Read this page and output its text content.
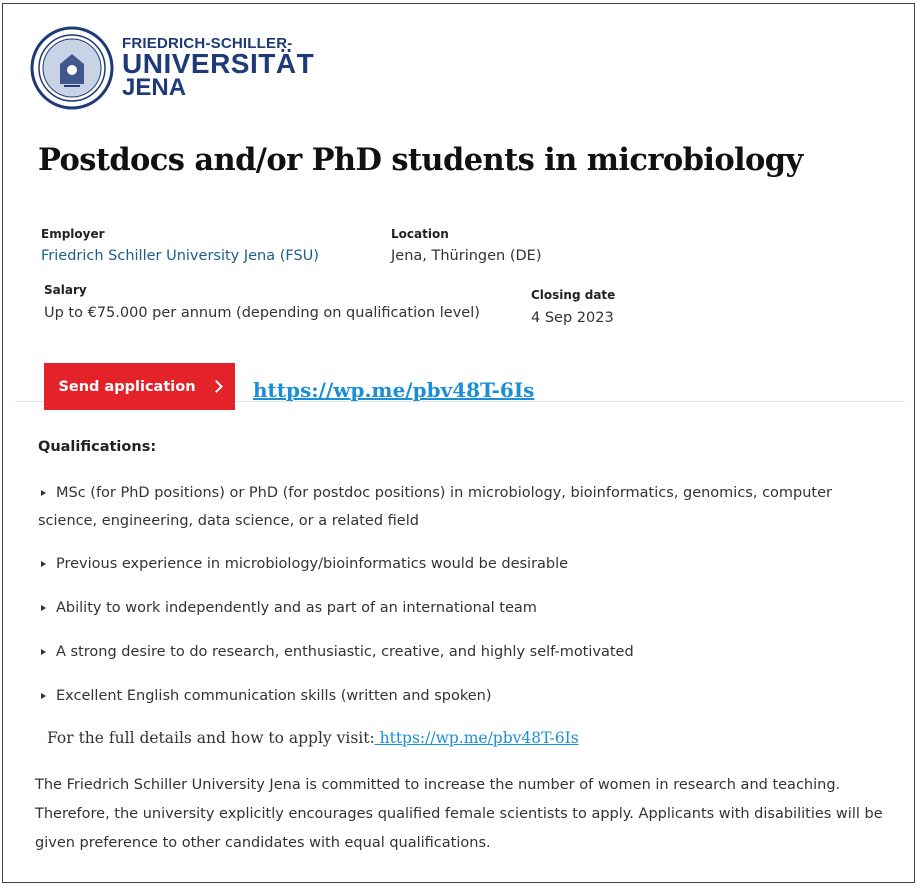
FRIEDRICH-SCHILLER-
UNIVERSITÄT
JENA
Postdocs and/or PhD students in microbiology
Employer
Friedrich Schiller University Jena (FSU)
Location
Jena, Thüringen (DE)
Salary
Up to €75.000 per annum (depending on qualification level)
Closing date
4 Sep 2023
Send application	https://wp.me/pbv48T-6Is
Qualifications:
MSc (for PhD positions) or PhD (for postdoc positions) in microbiology, bioinformatics, genomics, computer science, engineering, data science, or a related field
Previous experience in microbiology/bioinformatics would be desirable
Ability to work independently and as part of an international team
A strong desire to do research, enthusiastic, creative, and highly self-motivated
Excellent English communication skills (written and spoken)
For the full details and how to apply visit: https://wp.me/pbv48T-6Is
The Friedrich Schiller University Jena is committed to increase the number of women in research and teaching. Therefore, the university explicitly encourages qualified female scientists to apply. Applicants with disabilities will be given preference to other candidates with equal qualifications.
